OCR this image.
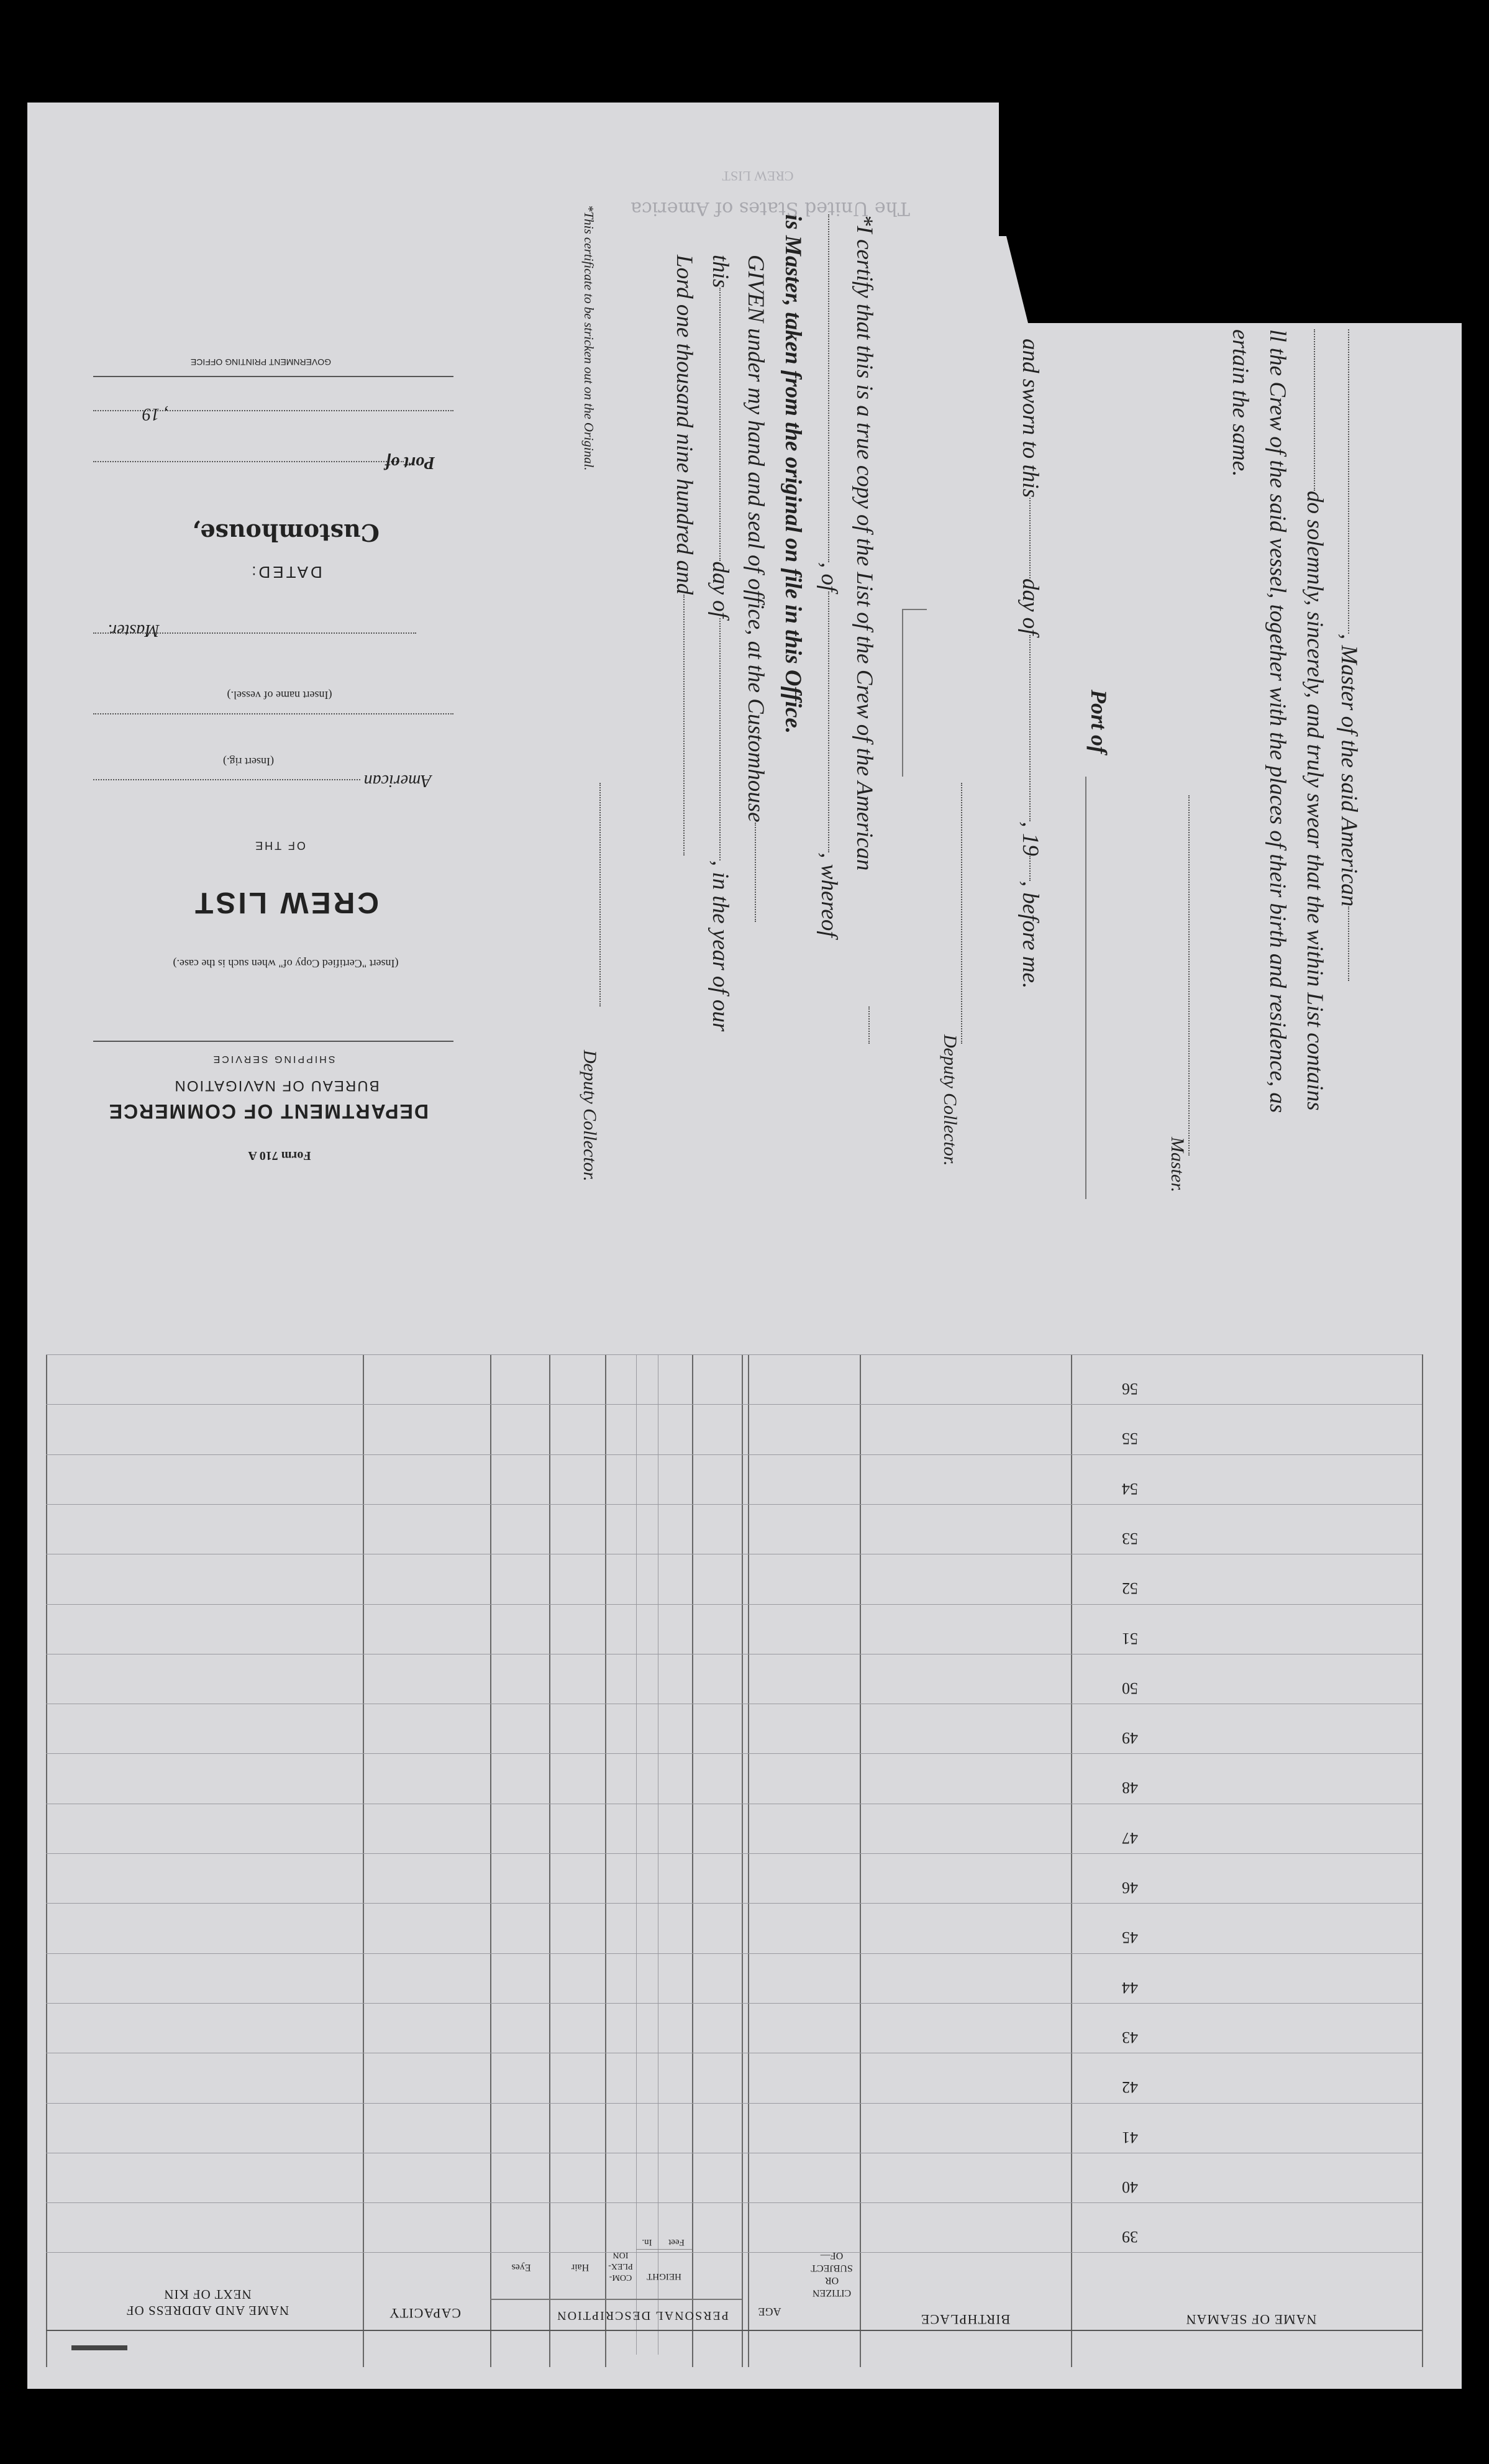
CREW LIST
The United States of America
, Master of the said American
do solemnly, sincerely, and truly swear that the within List contains
ll the Crew of the said vessel, together with the places of their birth and residence, as
ertain the same.
Master.
Port of
and sworn to thisday of, 19, before me.
Deputy Collector.
*I certify that this is a true copy of the List of the Crew of the American
, of, whereof
is Master, taken from the original on file in this Office.
GIVEN under my hand and seal of office, at the Customhouse
thisday of, in the year of our
Lord one thousand nine hundred and
Deputy Collector.
*This certificate to be stricken out on the Original.
GOVERNMENT PRINTING OFFICE
, 19
Port of
Customhouse,
DATED:
Master.
(Insert name of vessel.)
American
(Insert rig.)
OF THE
CREW LIST
(Insert "Certified Copy of" when such is the case.)
SHIPPING SERVICE
BUREAU OF NAVIGATION
DEPARTMENT OF COMMERCE
Form 710 A
NAME OF SEAMAN
BIRTHPLACE
CITIZEN
OR
SUBJECT
OF—
AGE
PERSONAL DESCRIPTION
HEIGHT
Feet
In.
COM-
PLEX-
ION
Hair
Eyes
CAPACITY
NAME AND ADDRESS OF
NEXT OF KIN
56
55
54
53
52
51
50
49
48
47
46
45
44
43
42
41
40
39
